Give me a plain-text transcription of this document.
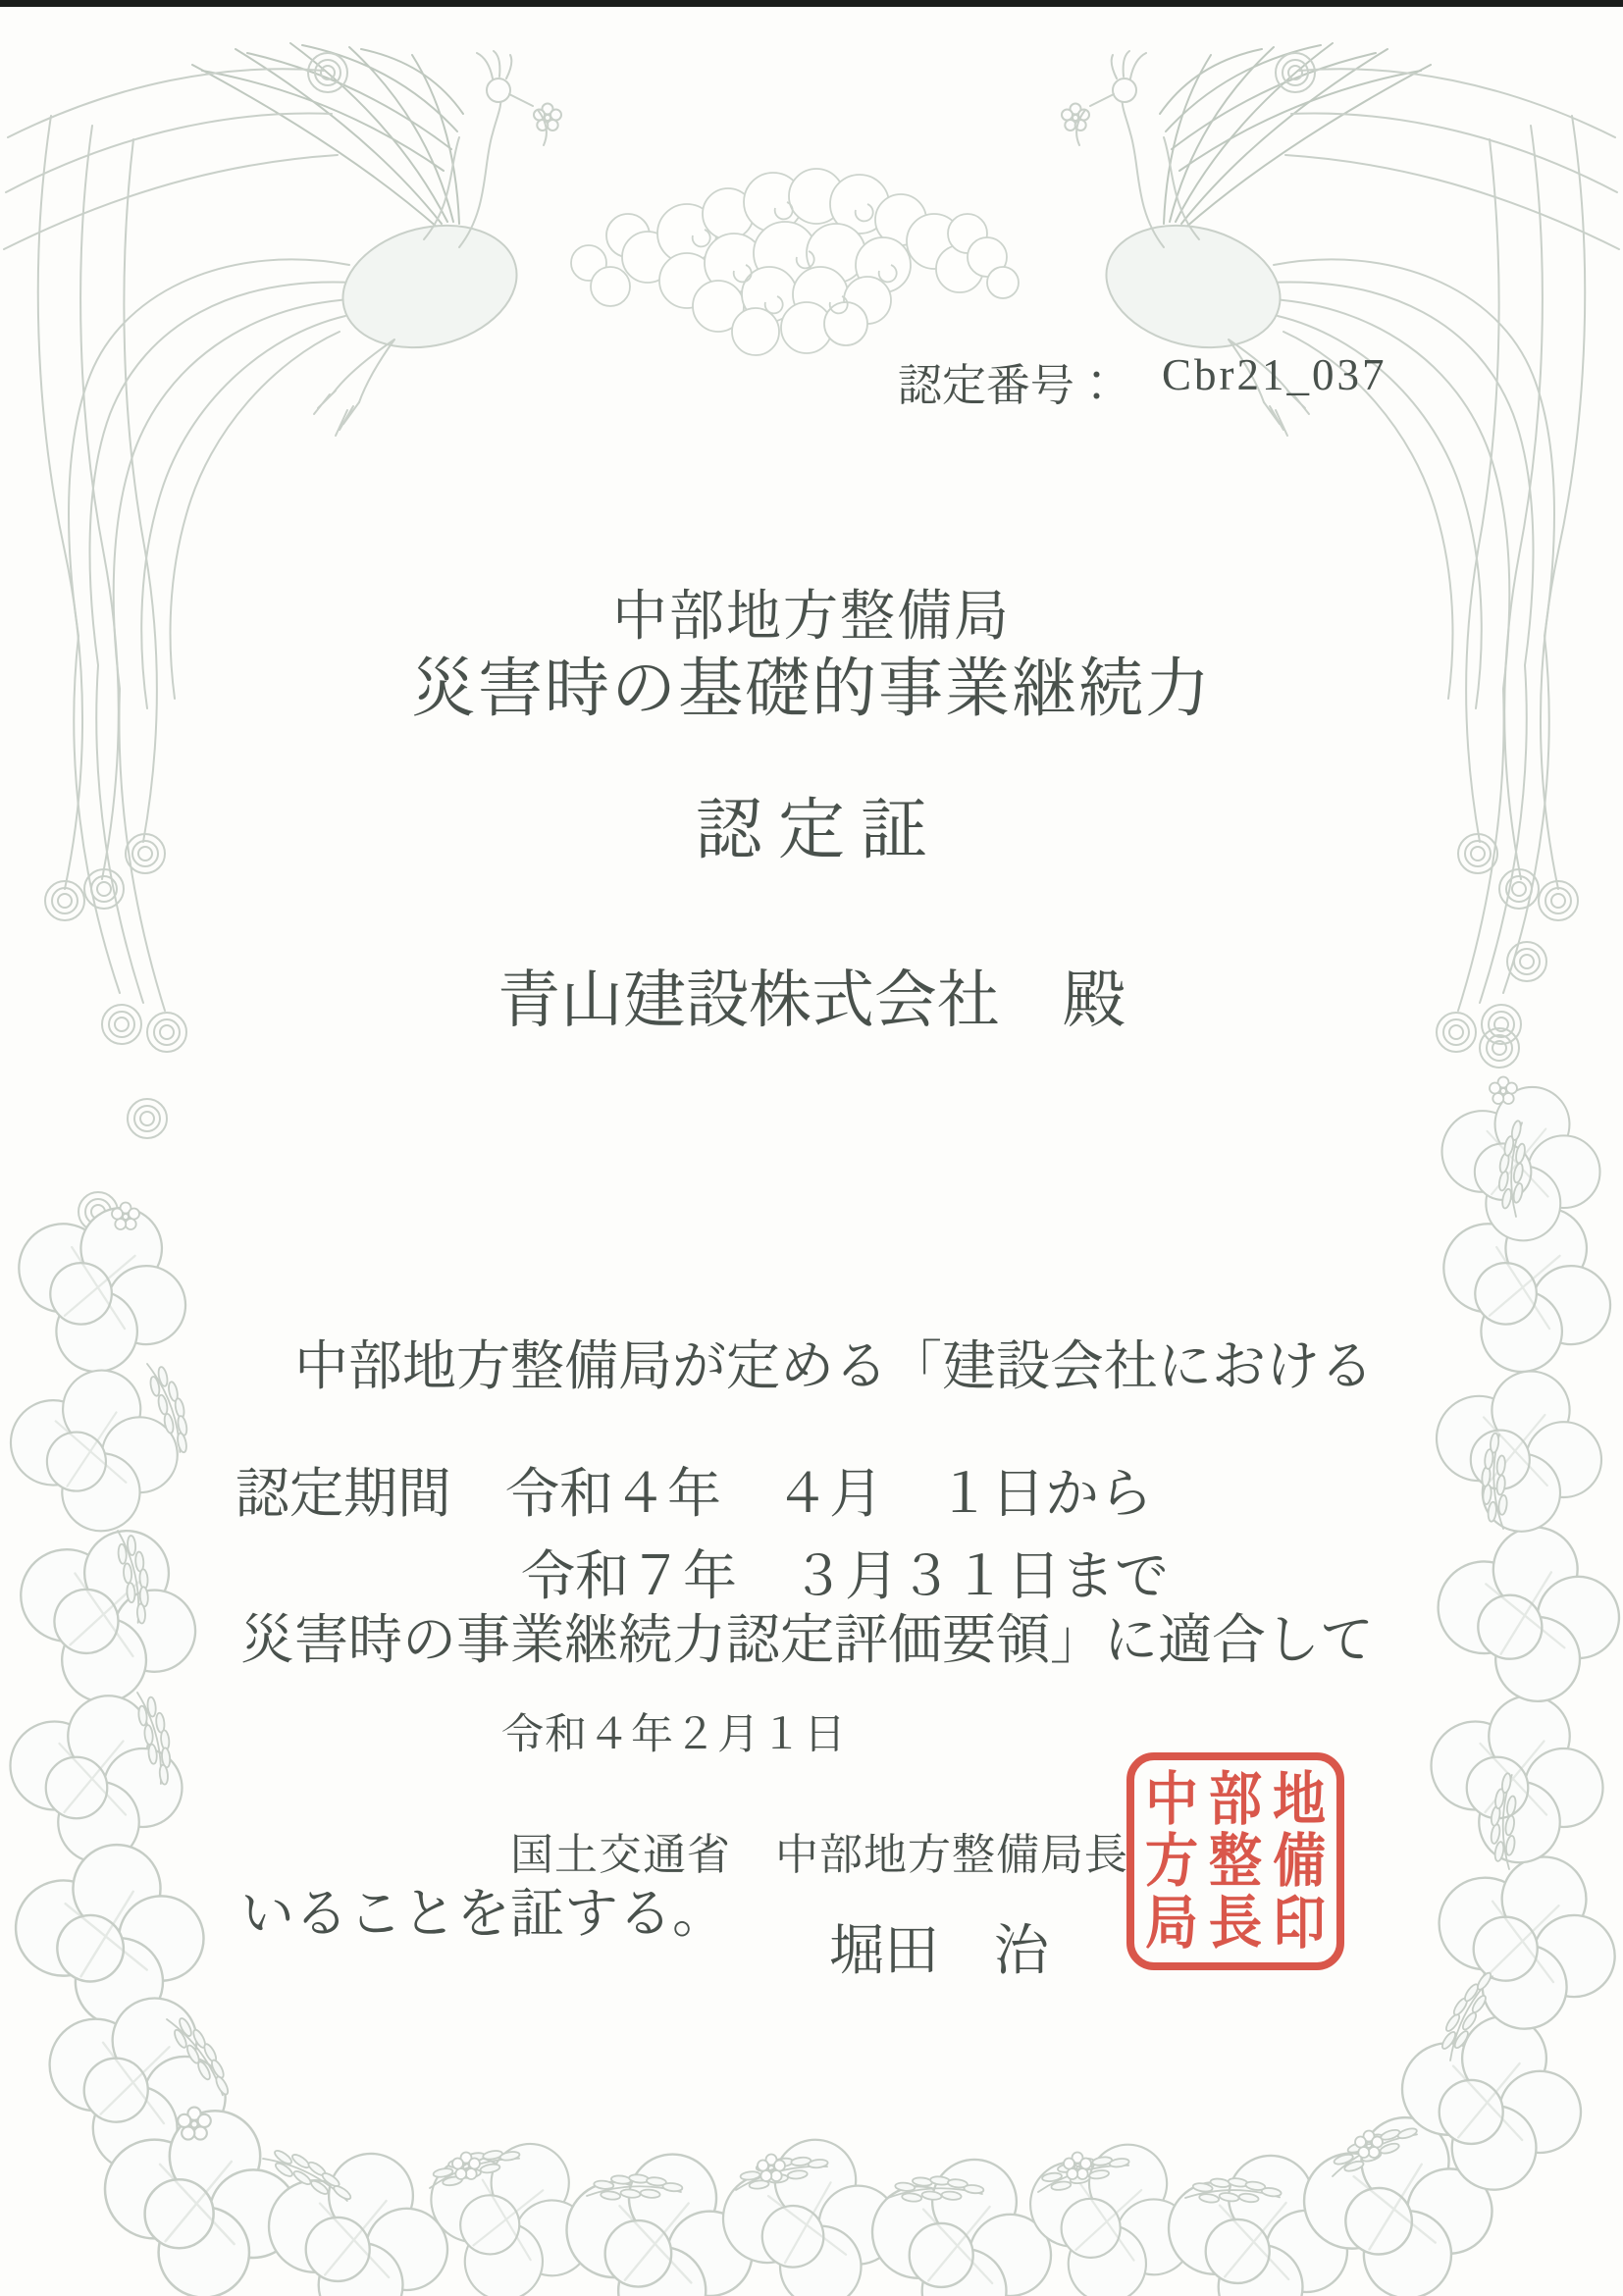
認定番号： Cbr21_037
中部地方整備局
災害時の基礎的事業継続力
認定証
青山建設株式会社　殿

　中部地方整備局が定める「建設会社における

災害時の事業継続力認定評価要領」に適合して

いることを証する。

認定期間　令和４年　４月　１日から
令和７年　３月３１日まで
令和４年２月１日
国土交通省　中部地方整備局長
堀田　治
中 部 地
方 整 備
局 長 印
